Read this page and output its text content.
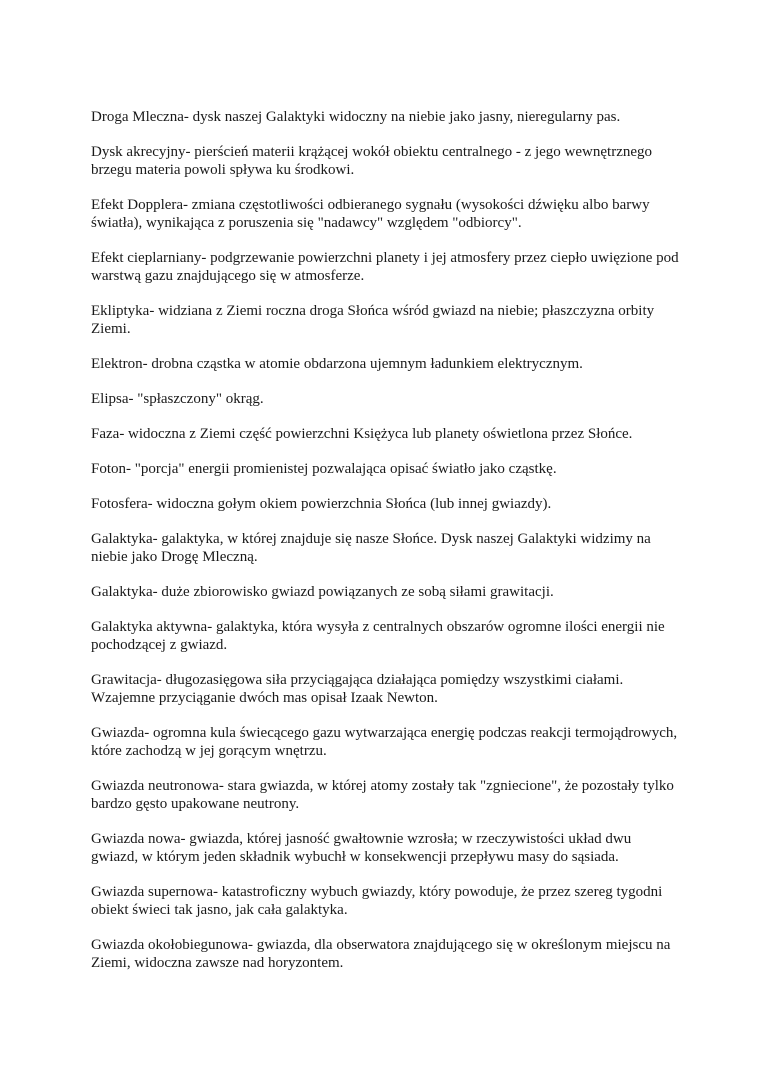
Droga Mleczna- dysk naszej Galaktyki widoczny na niebie jako jasny, nieregularny pas.

Dysk akrecyjny- pierścień materii krążącej wokół obiektu centralnego - z jego wewnętrznego brzegu materia powoli spływa ku środkowi.

Efekt Dopplera- zmiana częstotliwości odbieranego sygnału (wysokości dźwięku albo barwy światła), wynikająca z poruszenia się "nadawcy" względem "odbiorcy".

Efekt cieplarniany- podgrzewanie powierzchni planety i jej atmosfery przez ciepło uwięzione pod warstwą gazu znajdującego się w atmosferze.

Ekliptyka- widziana z Ziemi roczna droga Słońca wśród gwiazd na niebie; płaszczyzna orbity Ziemi.

Elektron- drobna cząstka w atomie obdarzona ujemnym ładunkiem elektrycznym.

Elipsa- "spłaszczony" okrąg.

Faza- widoczna z Ziemi część powierzchni Księżyca lub planety oświetlona przez Słońce.

Foton- "porcja" energii promienistej pozwalająca opisać światło jako cząstkę.

Fotosfera- widoczna gołym okiem powierzchnia Słońca (lub innej gwiazdy).

Galaktyka- galaktyka, w której znajduje się nasze Słońce. Dysk naszej Galaktyki widzimy na niebie jako Drogę Mleczną.

Galaktyka- duże zbiorowisko gwiazd powiązanych ze sobą siłami grawitacji.

Galaktyka aktywna- galaktyka, która wysyła z centralnych obszarów ogromne ilości energii nie pochodzącej z gwiazd.

Grawitacja- długozasięgowa siła przyciągająca działająca pomiędzy wszystkimi ciałami. Wzajemne przyciąganie dwóch mas opisał Izaak Newton.

Gwiazda- ogromna kula świecącego gazu wytwarzająca energię podczas reakcji termojądrowych, które zachodzą w jej gorącym wnętrzu.

Gwiazda neutronowa- stara gwiazda, w której atomy zostały tak "zgniecione", że pozostały tylko bardzo gęsto upakowane neutrony.

Gwiazda nowa- gwiazda, której jasność gwałtownie wzrosła; w rzeczywistości układ dwu gwiazd, w którym jeden składnik wybuchł w konsekwencji przepływu masy do sąsiada.

Gwiazda supernowa- katastroficzny wybuch gwiazdy, który powoduje, że przez szereg tygodni obiekt świeci tak jasno, jak cała galaktyka.

Gwiazda okołobiegunowa- gwiazda, dla obserwatora znajdującego się w określonym miejscu na Ziemi, widoczna zawsze nad horyzontem.
